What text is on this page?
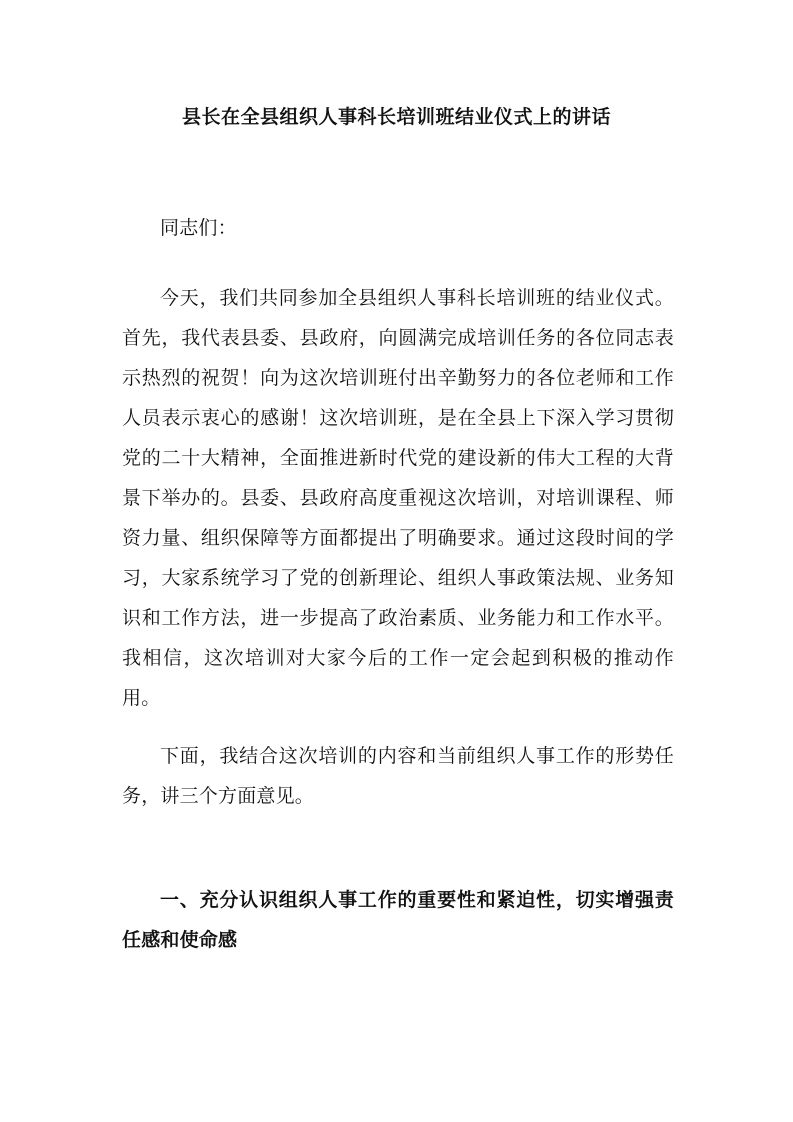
县长在全县组织人事科长培训班结业仪式上的讲话

同志们：

今天，我们共同参加全县组织人事科长培训班的结业仪式。首先，我代表县委、县政府，向圆满完成培训任务的各位同志表示热烈的祝贺！向为这次培训班付出辛勤努力的各位老师和工作人员表示衷心的感谢！这次培训班，是在全县上下深入学习贯彻党的二十大精神，全面推进新时代党的建设新的伟大工程的大背景下举办的。县委、县政府高度重视这次培训，对培训课程、师资力量、组织保障等方面都提出了明确要求。通过这段时间的学习，大家系统学习了党的创新理论、组织人事政策法规、业务知识和工作方法，进一步提高了政治素质、业务能力和工作水平。我相信，这次培训对大家今后的工作一定会起到积极的推动作用。

下面，我结合这次培训的内容和当前组织人事工作的形势任务，讲三个方面意见。

一、充分认识组织人事工作的重要性和紧迫性，切实增强责任感和使命感
